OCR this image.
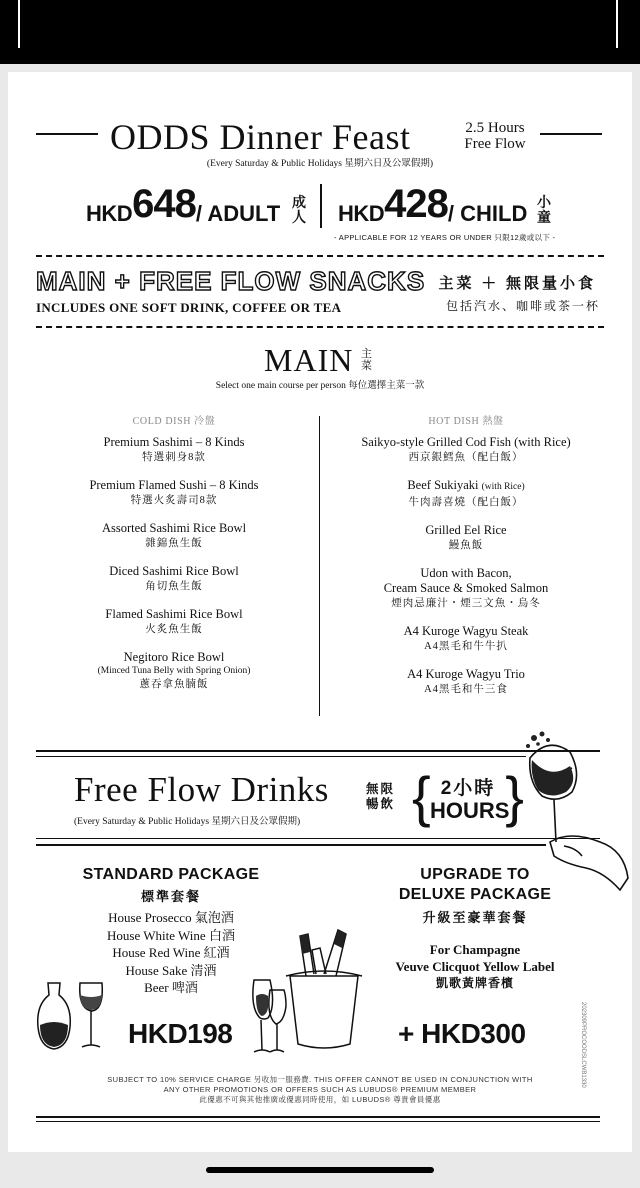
ODDS Dinner Feast	2.5 Hours
Free Flow
(Every Saturday & Public Holidays 星期六日及公眾假期)
HKD648/ ADULT 成人 HKD428/ CHILD 小童
- APPLICABLE FOR 12 YEARS OR UNDER 只限12歲或以下 -
MAIN + FREE FLOW SNACKS
INCLUDES ONE SOFT DRINK, COFFEE OR TEA
主菜 ＋ 無限量小食
包括汽水、咖啡或茶一杯
MAIN 主菜
Select one main course per person 每位選擇主菜一款
COLD DISH 冷盤
Premium Sashimi – 8 Kinds
特選刺身8款
Premium Flamed Sushi – 8 Kinds
特選火炙壽司8款
Assorted Sashimi Rice Bowl
雜錦魚生飯
Diced Sashimi Rice Bowl
角切魚生飯
Flamed Sashimi Rice Bowl
火炙魚生飯
Negitoro Rice Bowl
(Minced Tuna Belly with Spring Onion)
蔥吞拿魚腩飯
HOT DISH 熱盤
Saikyo-style Grilled Cod Fish (with Rice)
西京銀鱈魚（配白飯）
Beef Sukiyaki (with Rice)
牛肉壽喜燒（配白飯）
Grilled Eel Rice
鰻魚飯
Udon with Bacon,
Cream Sauce & Smoked Salmon
煙肉忌廉汁・煙三文魚・烏冬
A4 Kuroge Wagyu Steak
A4黑毛和牛牛扒
A4 Kuroge Wagyu Trio
A4黑毛和牛三食
Free Flow Drinks	無限暢飲
(Every Saturday & Public Holidays 星期六日及公眾假期) { 2小時
HOURS
}
STANDARD PACKAGE
標準套餐
House Prosecco 氣泡酒
House White Wine 白酒
House Red Wine 紅酒
House Sake 清酒
Beer 啤酒
HKD198
UPGRADE TO
DELUXE PACKAGE
升級至豪華套餐
For Champagne
Veuve Clicquot Yellow Label
凱歌黃牌香檳
+ HKD300	202309PROCOODSLCWB1330
SUBJECT TO 10% SERVICE CHARGE 另收加一服務費. THIS OFFER CANNOT BE USED IN CONJUNCTION WITH
ANY OTHER PROMOTIONS OR OFFERS SUCH AS LUBUDS® PREMIUM MEMBER
此優惠不可與其他推廣或優惠同時使用，如 LUBUDS® 尊貴會員優惠
